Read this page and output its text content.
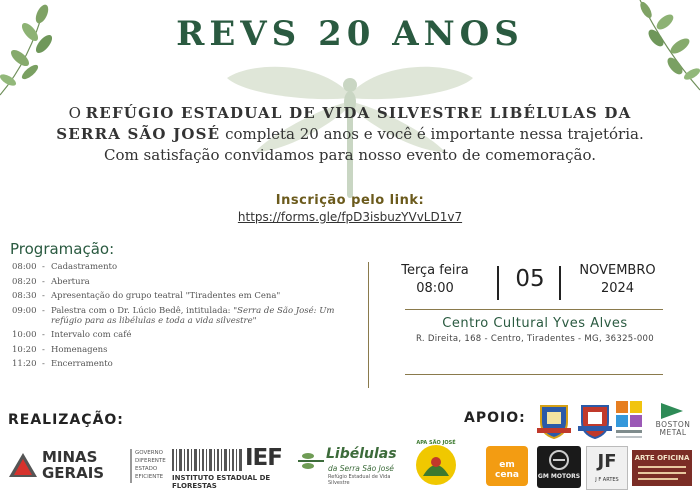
REVS 20 ANOS
O REFÚGIO ESTADUAL DE VIDA SILVESTRE LIBÉLULAS DA SERRA SÃO JOSÉ completa 20 anos e você é importante nessa trajetória. Com satisfação convidamos para nosso evento de comemoração.
Inscrição pelo link:
https://forms.gle/fpD3isbuzYVvLD1v7
Programação:
08:00 - Cadastramento
08:20 - Abertura
08:30 - Apresentação do grupo teatral "Tiradentes em Cena"
09:00 - Palestra com o Dr. Lúcio Bedê, intitulada: "Serra de São José: Um refúgio para as libélulas e toda a vida silvestre"
10:00 - Intervalo com café
10:20 - Homenagens
11:20 - Encerramento
Terça feira
08:00	05	NOVEMBRO
2024
Centro Cultural Yves Alves
R. Direita, 168 - Centro, Tiradentes - MG, 36325-000
REALIZAÇÃO:
MINAS
GERAIS
GOVERNO
DIFERENTE
ESTADO
EFICIENTE
IEF
INSTITUTO ESTADUAL DE FLORESTAS
Libélulas
da Serra São José
Refúgio Estadual de Vida Silvestre
APA SÃO JOSÉ
APOIO:	BOSTON
METAL
em cena	GM MOTORS
JF
J F ARTES
ARTE OFICINA
